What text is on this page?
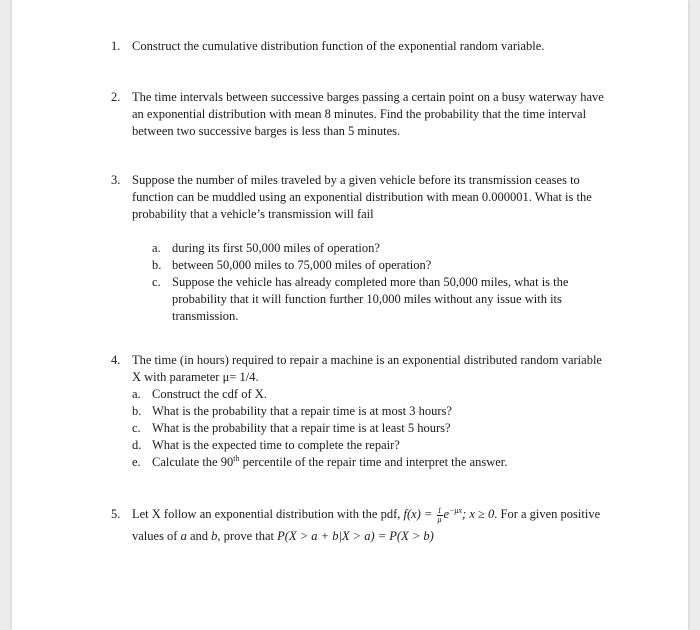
1. Construct the cumulative distribution function of the exponential random variable.
2. The time intervals between successive barges passing a certain point on a busy waterway have an exponential distribution with mean 8 minutes. Find the probability that the time interval between two successive barges is less than 5 minutes.
3. Suppose the number of miles traveled by a given vehicle before its transmission ceases to function can be muddled using an exponential distribution with mean 0.000001. What is the probability that a vehicle’s transmission will fail
a. during its first 50,000 miles of operation?
b. between 50,000 miles to 75,000 miles of operation?
c. Suppose the vehicle has already completed more than 50,000 miles, what is the probability that it will function further 10,000 miles without any issue with its transmission.
4. The time (in hours) required to repair a machine is an exponential distributed random variable X with parameter μ= 1/4.
a. Construct the cdf of X.
b. What is the probability that a repair time is at most 3 hours?
c. What is the probability that a repair time is at least 5 hours?
d. What is the expected time to complete the repair?
e. Calculate the 90th percentile of the repair time and interpret the answer.
5. Let X follow an exponential distribution with the pdf, $f(x) = \frac{1}{\mu} e^{-\mu x}$; x ≥ 0. For a given positive values of a and b, prove that P(X > a + b|X > a) = P(X > b)
